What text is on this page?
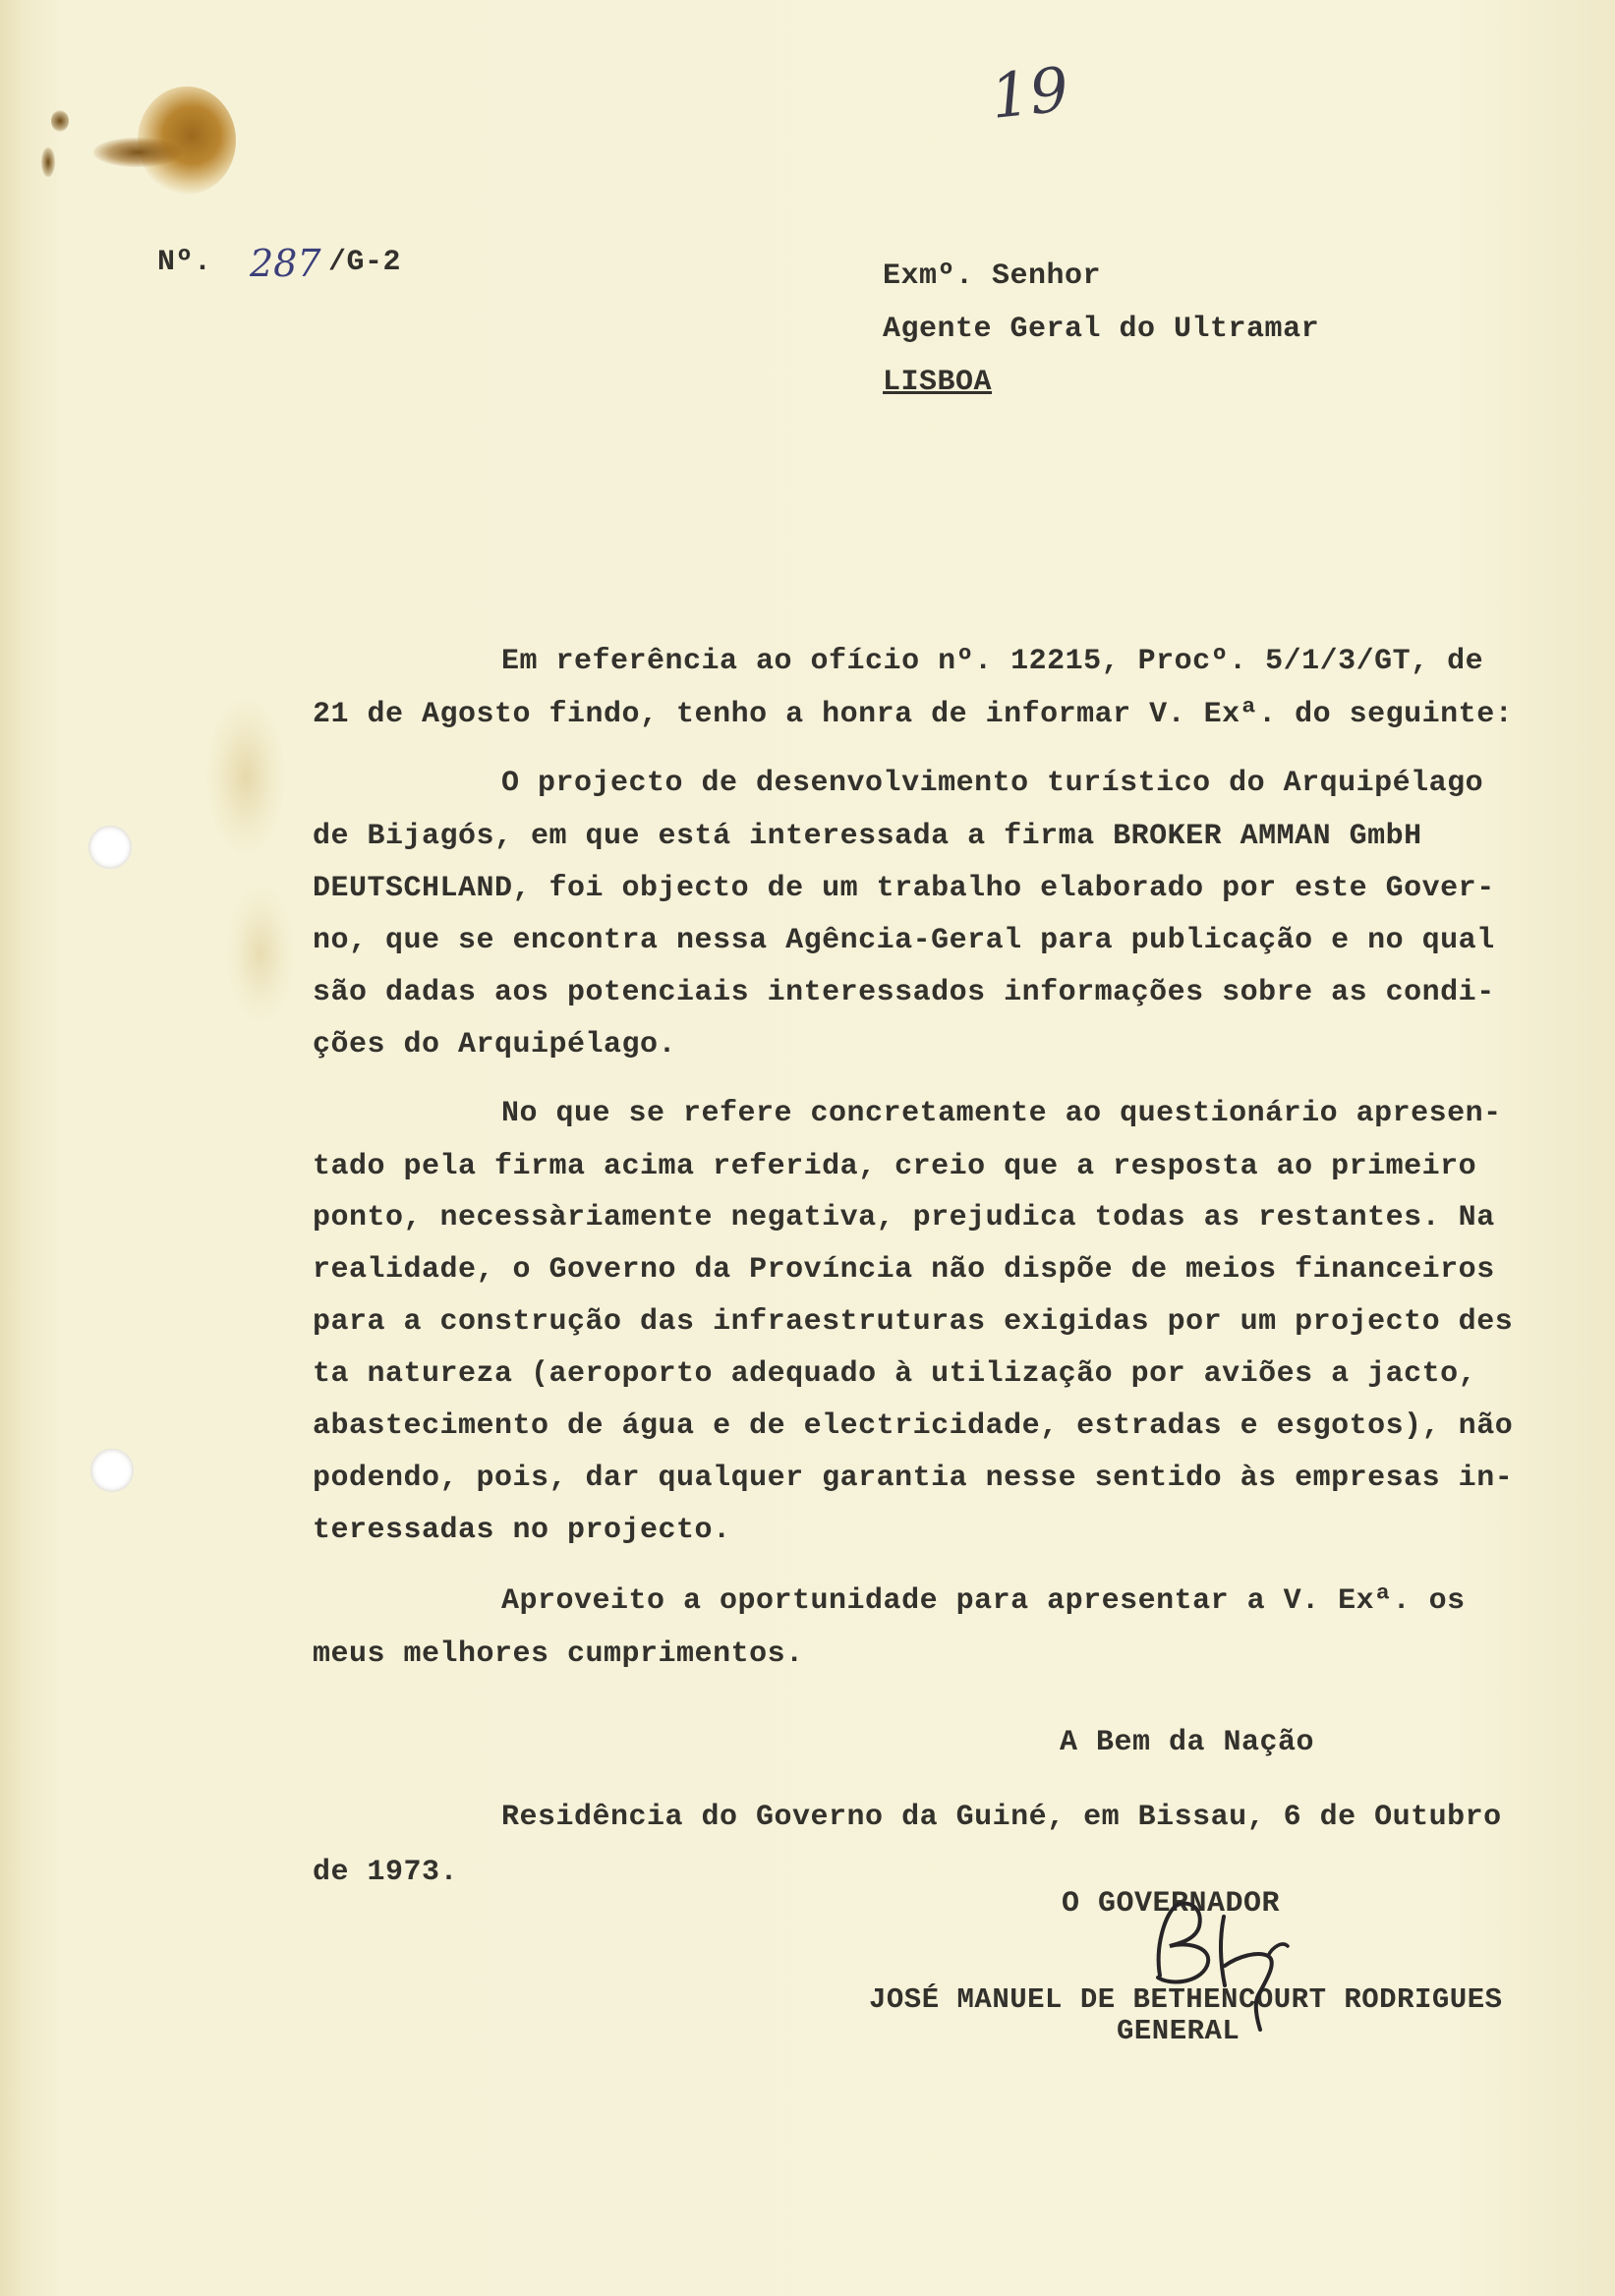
19
Nº. 287 /G-2	Exmº. Senhor
Agente Geral do Ultramar
LISBOA
Em referência ao ofício nº. 12215, Procº. 5/1/3/GT, de
21 de Agosto findo, tenho a honra de informar V. Exª. do seguinte:
O projecto de desenvolvimento turístico do Arquipélago
de Bijagós, em que está interessada a firma BROKER AMMAN GmbH
DEUTSCHLAND, foi objecto de um trabalho elaborado por este Gover-
no, que se encontra nessa Agência-Geral para publicação e no qual
são dadas aos potenciais interessados informações sobre as condi-
ções do Arquipélago.
No que se refere concretamente ao questionário apresen-
tado pela firma acima referida, creio que a resposta ao primeiro
ponto, necessàriamente negativa, prejudica todas as restantes. Na
realidade, o Governo da Província não dispõe de meios financeiros
para a construção das infraestruturas exigidas por um projecto des
ta natureza (aeroporto adequado à utilização por aviões a jacto,
abastecimento de água e de electricidade, estradas e esgotos), não
podendo, pois, dar qualquer garantia nesse sentido às empresas in-
teressadas no projecto.
Aproveito a oportunidade para apresentar a V. Exª. os
meus melhores cumprimentos.
A Bem da Nação
Residência do Governo da Guiné, em Bissau, 6 de Outubro
de 1973.
O GOVERNADOR
JOSÉ MANUEL DE BETHENCOURT RODRIGUES
GENERAL
